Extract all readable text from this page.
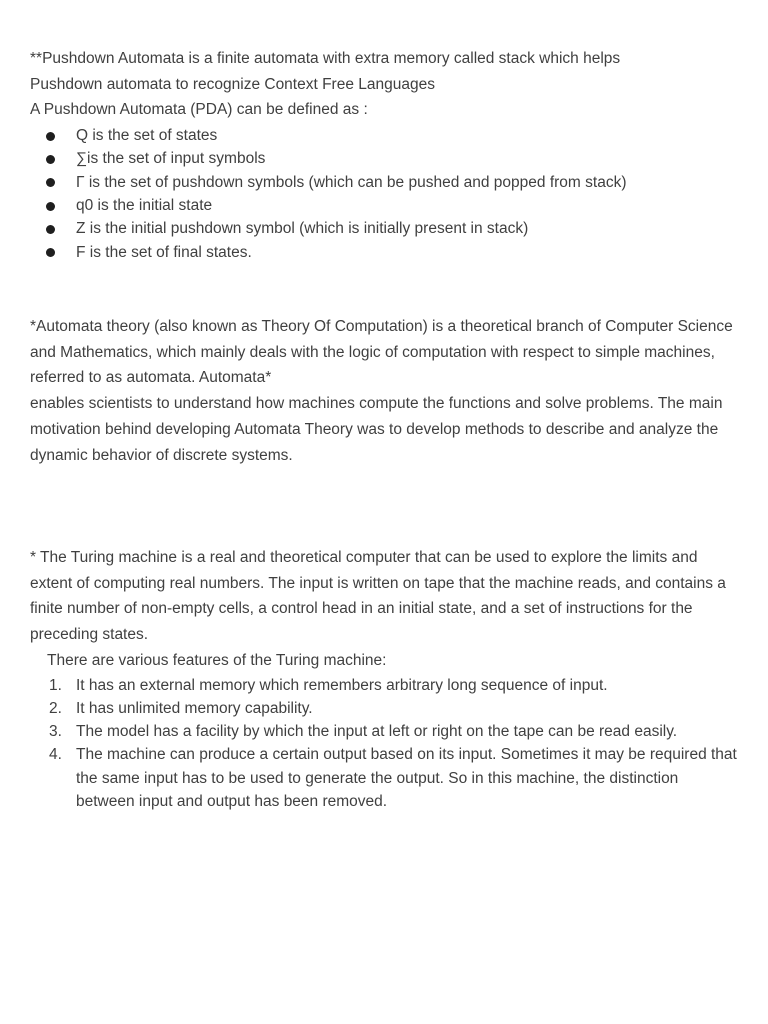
**Pushdown Automata is a finite automata with extra memory called stack which helps

Pushdown automata to recognize Context Free Languages

A Pushdown Automata (PDA) can be defined as :

Q is the set of states
∑is the set of input symbols
Γ is the set of pushdown symbols (which can be pushed and popped from stack)
q0 is the initial state
Z is the initial pushdown symbol (which is initially present in stack)
F is the set of final states.

*Automata theory (also known as Theory Of Computation) is a theoretical branch of Computer Science and Mathematics, which mainly deals with the logic of computation with respect to simple machines, referred to as automata. Automata*

enables scientists to understand how machines compute the functions and solve problems. The main motivation behind developing Automata Theory was to develop methods to describe and analyze the dynamic behavior of discrete systems.

* The Turing machine is a real and theoretical computer that can be used to explore the limits and extent of computing real numbers. The input is written on tape that the machine reads, and contains a finite number of non-empty cells, a control head in an initial state, and a set of instructions for the preceding states.

There are various features of the Turing machine:

1. It has an external memory which remembers arbitrary long sequence of input.
2. It has unlimited memory capability.
3. The model has a facility by which the input at left or right on the tape can be read easily.
4. The machine can produce a certain output based on its input. Sometimes it may be required that the same input has to be used to generate the output. So in this machine, the distinction between input and output has been removed.
